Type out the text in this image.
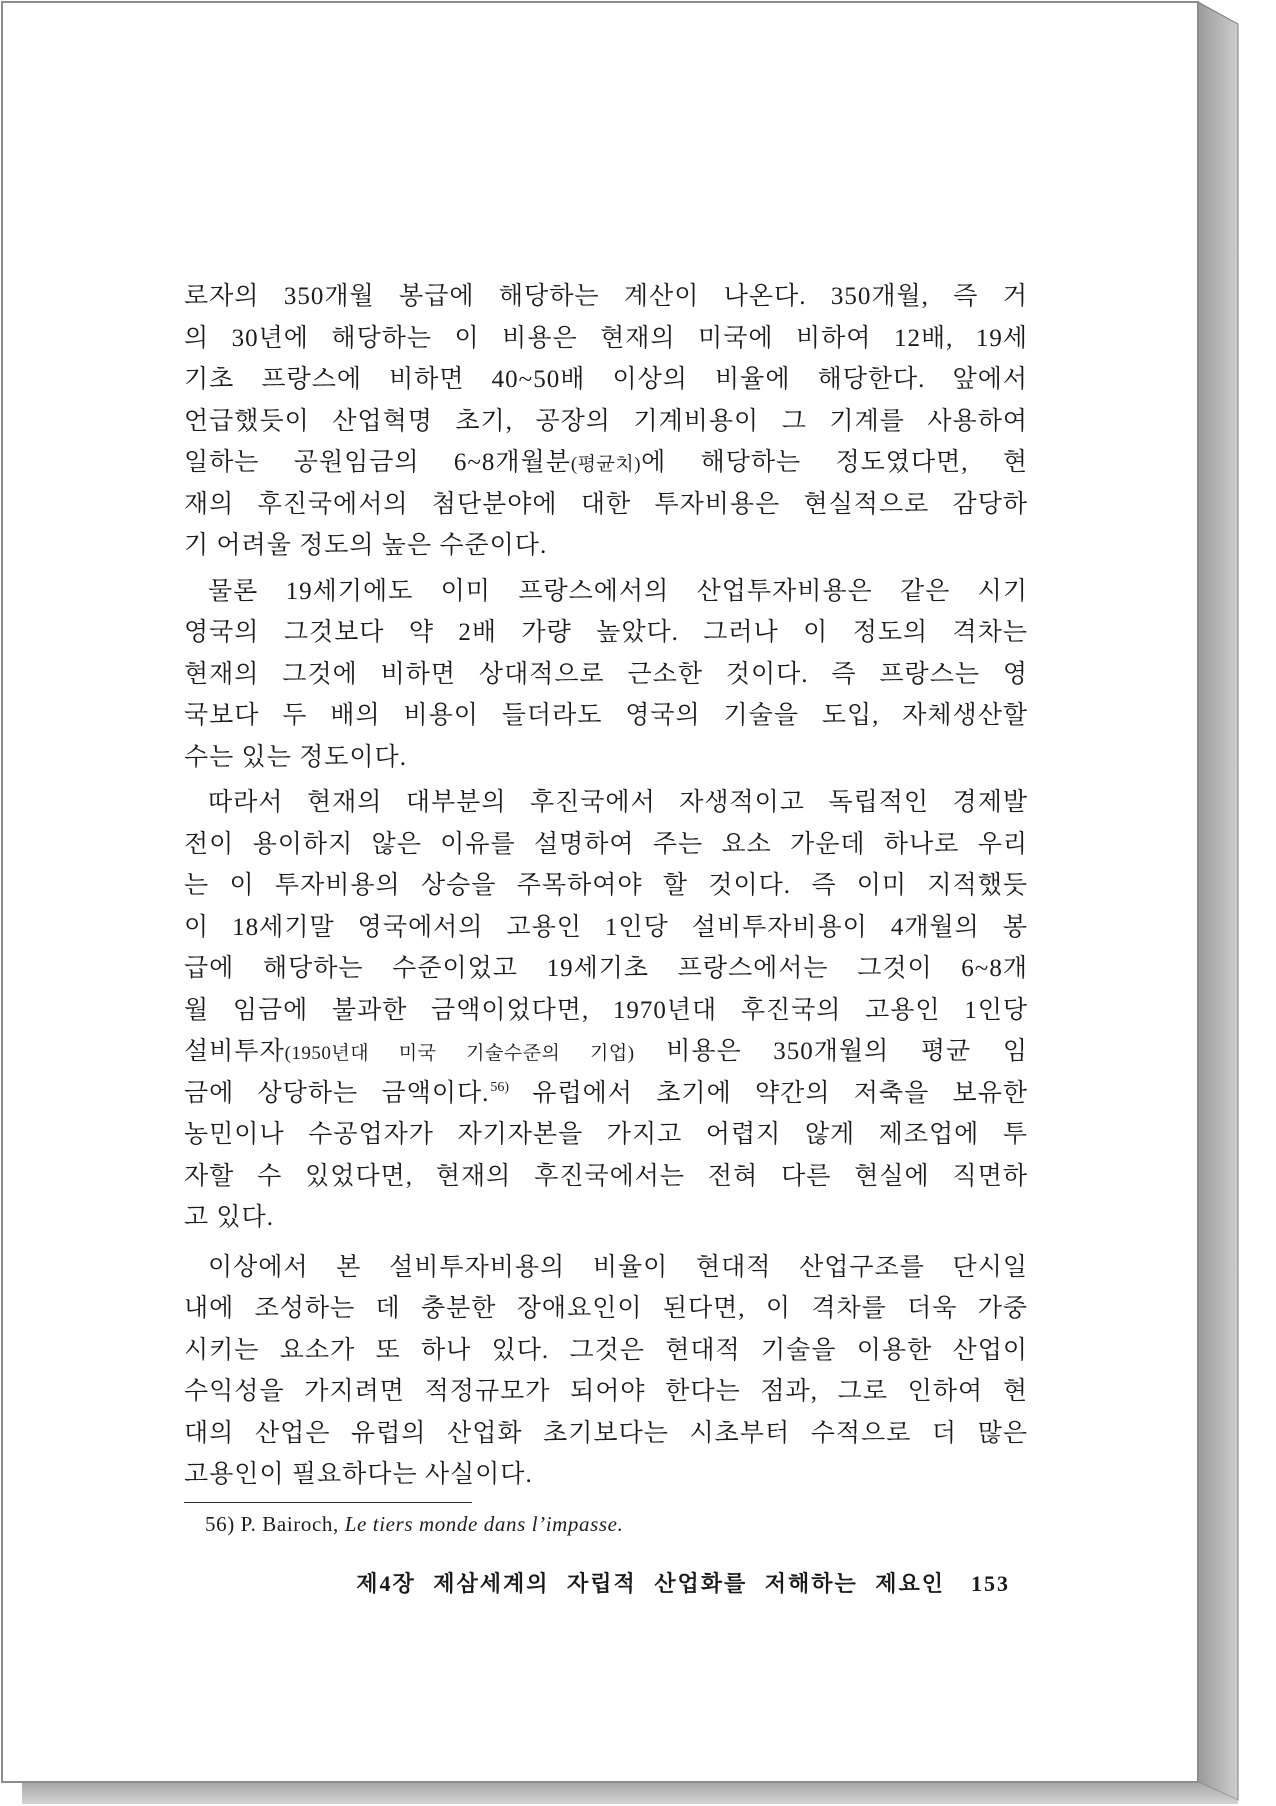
로자의 350개월 봉급에 해당하는 계산이 나온다. 350개월, 즉 거
의 30년에 해당하는 이 비용은 현재의 미국에 비하여 12배, 19세
기초 프랑스에 비하면 40~50배 이상의 비율에 해당한다. 앞에서
언급했듯이 산업혁명 초기, 공장의 기계비용이 그 기계를 사용하여
일하는 공원임금의 6~8개월분(평균치)에 해당하는 정도였다면, 현
재의 후진국에서의 첨단분야에 대한 투자비용은 현실적으로 감당하
기 어려울 정도의 높은 수준이다.
물론 19세기에도 이미 프랑스에서의 산업투자비용은 같은 시기
영국의 그것보다 약 2배 가량 높았다. 그러나 이 정도의 격차는
현재의 그것에 비하면 상대적으로 근소한 것이다. 즉 프랑스는 영
국보다 두 배의 비용이 들더라도 영국의 기술을 도입, 자체생산할
수는 있는 정도이다.
따라서 현재의 대부분의 후진국에서 자생적이고 독립적인 경제발
전이 용이하지 않은 이유를 설명하여 주는 요소 가운데 하나로 우리
는 이 투자비용의 상승을 주목하여야 할 것이다. 즉 이미 지적했듯
이 18세기말 영국에서의 고용인 1인당 설비투자비용이 4개월의 봉
급에 해당하는 수준이었고 19세기초 프랑스에서는 그것이 6~8개
월 임금에 불과한 금액이었다면, 1970년대 후진국의 고용인 1인당
설비투자(1950년대 미국 기술수준의 기업) 비용은 350개월의 평균 임
금에 상당하는 금액이다.$^{56)}$ 유럽에서 초기에 약간의 저축을 보유한
농민이나 수공업자가 자기자본을 가지고 어렵지 않게 제조업에 투
자할 수 있었다면, 현재의 후진국에서는 전혀 다른 현실에 직면하
고 있다.
이상에서 본 설비투자비용의 비율이 현대적 산업구조를 단시일
내에 조성하는 데 충분한 장애요인이 된다면, 이 격차를 더욱 가중
시키는 요소가 또 하나 있다. 그것은 현대적 기술을 이용한 산업이
수익성을 가지려면 적정규모가 되어야 한다는 점과, 그로 인하여 현
대의 산업은 유럽의 산업화 초기보다는 시초부터 수적으로 더 많은
고용인이 필요하다는 사실이다.
56) P. Bairoch, Le tiers monde dans l’impasse.
제4장 제삼세계의 자립적 산업화를 저해하는 제요인 153
